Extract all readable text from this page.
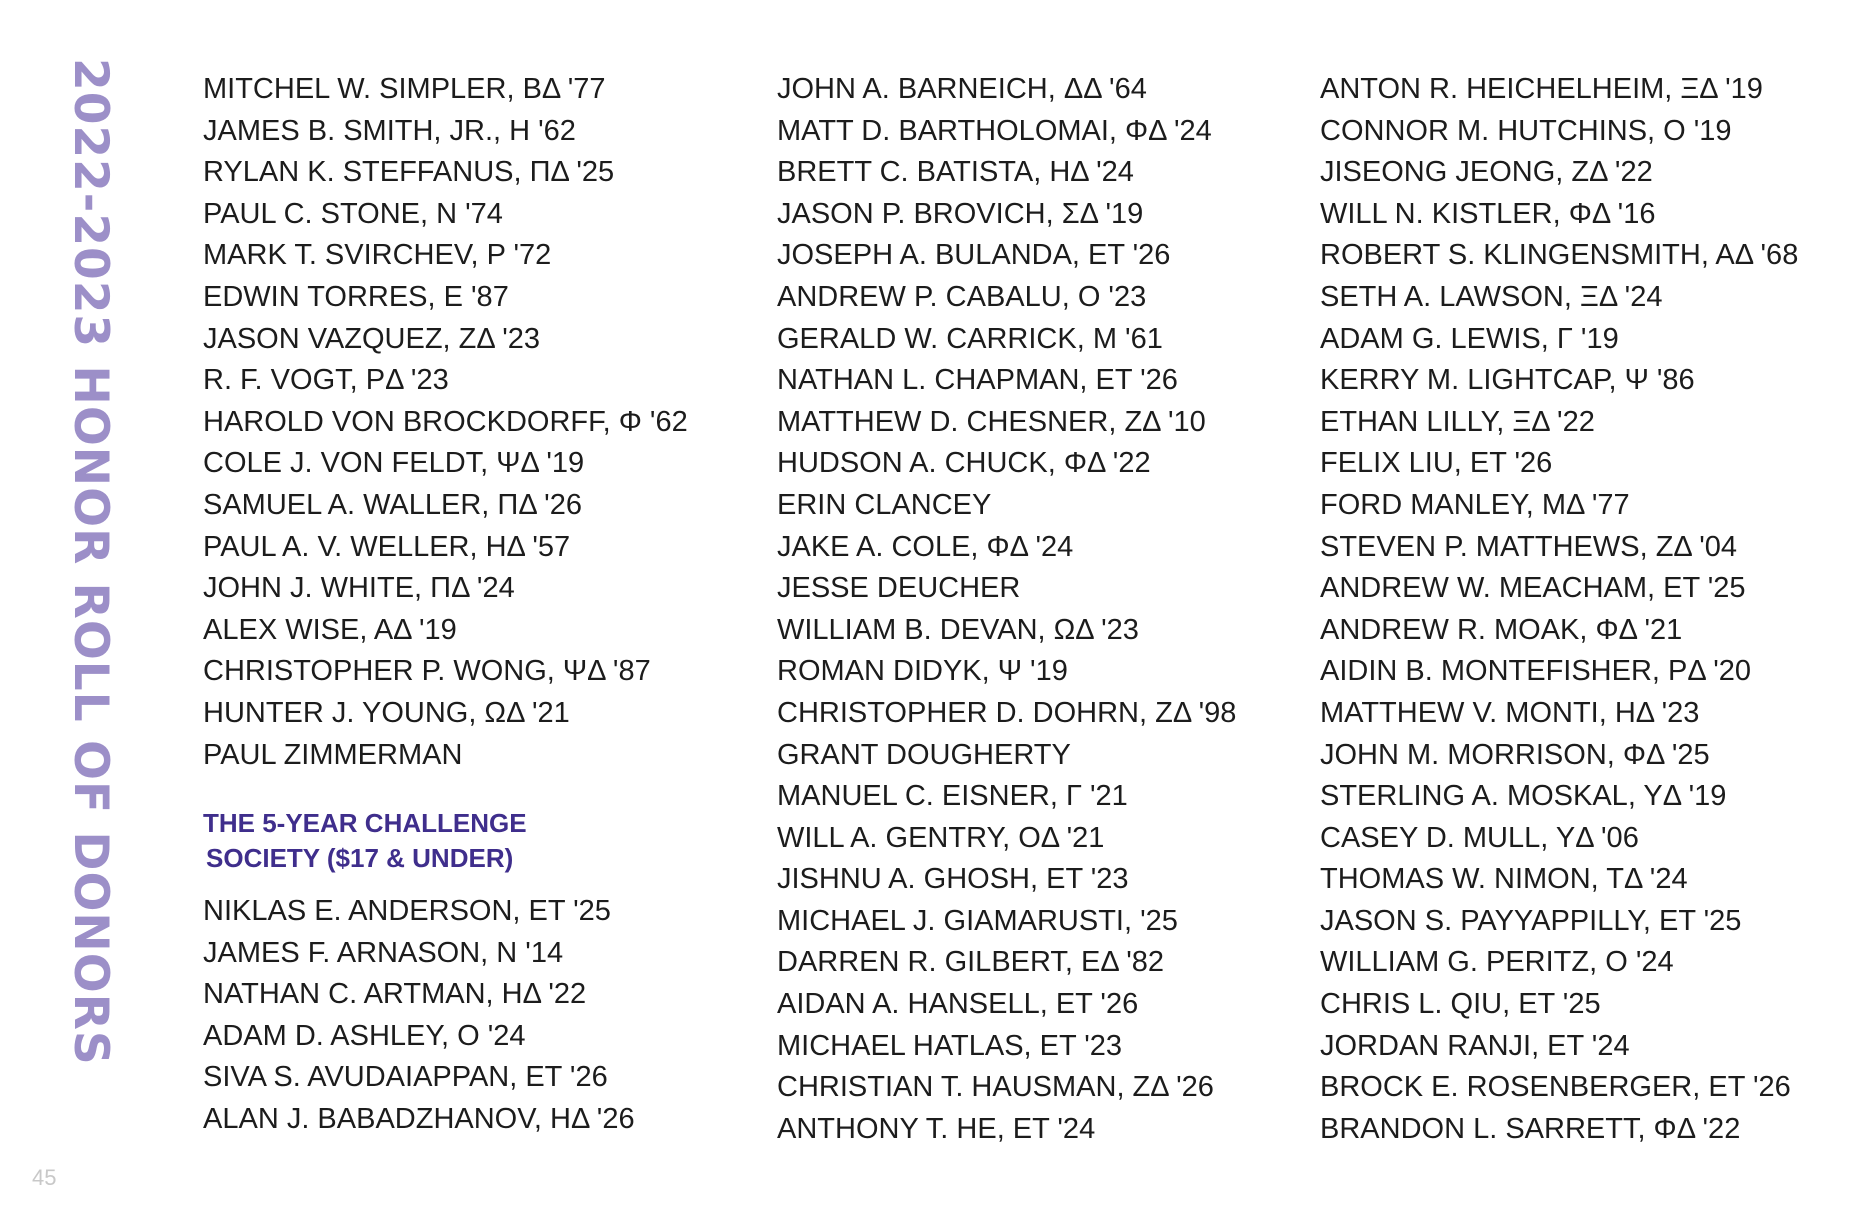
2022-2023 HONOR ROLL OF DONORS
45
MITCHEL W. SIMPLER, BΔ '77
JAMES B. SMITH, JR., H '62
RYLAN K. STEFFANUS, ΠΔ '25
PAUL C. STONE, N '74
MARK T. SVIRCHEV, P '72
EDWIN TORRES, E '87
JASON VAZQUEZ, ZΔ '23
R. F. VOGT, PΔ '23
HAROLD VON BROCKDORFF, Φ '62
COLE J. VON FELDT, ΨΔ '19
SAMUEL A. WALLER, ΠΔ '26
PAUL A. V. WELLER, HΔ '57
JOHN J. WHITE, ΠΔ '24
ALEX WISE, AΔ '19
CHRISTOPHER P. WONG, ΨΔ '87
HUNTER J. YOUNG, ΩΔ '21
PAUL ZIMMERMAN
THE 5-YEAR CHALLENGE
SOCIETY ($17 & UNDER)
NIKLAS E. ANDERSON, ET '25
JAMES F. ARNASON, N '14
NATHAN C. ARTMAN, HΔ '22
ADAM D. ASHLEY, O '24
SIVA S. AVUDAIAPPAN, ET '26
ALAN J. BABADZHANOV, HΔ '26
JOHN A. BARNEICH, ΔΔ '64
MATT D. BARTHOLOMAI, ΦΔ '24
BRETT C. BATISTA, HΔ '24
JASON P. BROVICH, ΣΔ '19
JOSEPH A. BULANDA, ET '26
ANDREW P. CABALU, O '23
GERALD W. CARRICK, M '61
NATHAN L. CHAPMAN, ET '26
MATTHEW D. CHESNER, ZΔ '10
HUDSON A. CHUCK, ΦΔ '22
ERIN CLANCEY
JAKE A. COLE, ΦΔ '24
JESSE DEUCHER
WILLIAM B. DEVAN, ΩΔ '23
ROMAN DIDYK, Ψ '19
CHRISTOPHER D. DOHRN, ZΔ '98
GRANT DOUGHERTY
MANUEL C. EISNER, Γ '21
WILL A. GENTRY, OΔ '21
JISHNU A. GHOSH, ET '23
MICHAEL J. GIAMARUSTI, '25
DARREN R. GILBERT, EΔ '82
AIDAN A. HANSELL, ET '26
MICHAEL HATLAS, ET '23
CHRISTIAN T. HAUSMAN, ZΔ '26
ANTHONY T. HE, ET '24
ANTON R. HEICHELHEIM, ΞΔ '19
CONNOR M. HUTCHINS, O '19
JISEONG JEONG, ZΔ '22
WILL N. KISTLER, ΦΔ '16
ROBERT S. KLINGENSMITH, AΔ '68
SETH A. LAWSON, ΞΔ '24
ADAM G. LEWIS, Γ '19
KERRY M. LIGHTCAP, Ψ '86
ETHAN LILLY, ΞΔ '22
FELIX LIU, ET '26
FORD MANLEY, MΔ '77
STEVEN P. MATTHEWS, ZΔ '04
ANDREW W. MEACHAM, ET '25
ANDREW R. MOAK, ΦΔ '21
AIDIN B. MONTEFISHER, PΔ '20
MATTHEW V. MONTI, HΔ '23
JOHN M. MORRISON, ΦΔ '25
STERLING A. MOSKAL, YΔ '19
CASEY D. MULL, YΔ '06
THOMAS W. NIMON, TΔ '24
JASON S. PAYYAPPILLY, ET '25
WILLIAM G. PERITZ, O '24
CHRIS L. QIU, ET '25
JORDAN RANJI, ET '24
BROCK E. ROSENBERGER, ET '26
BRANDON L. SARRETT, ΦΔ '22
